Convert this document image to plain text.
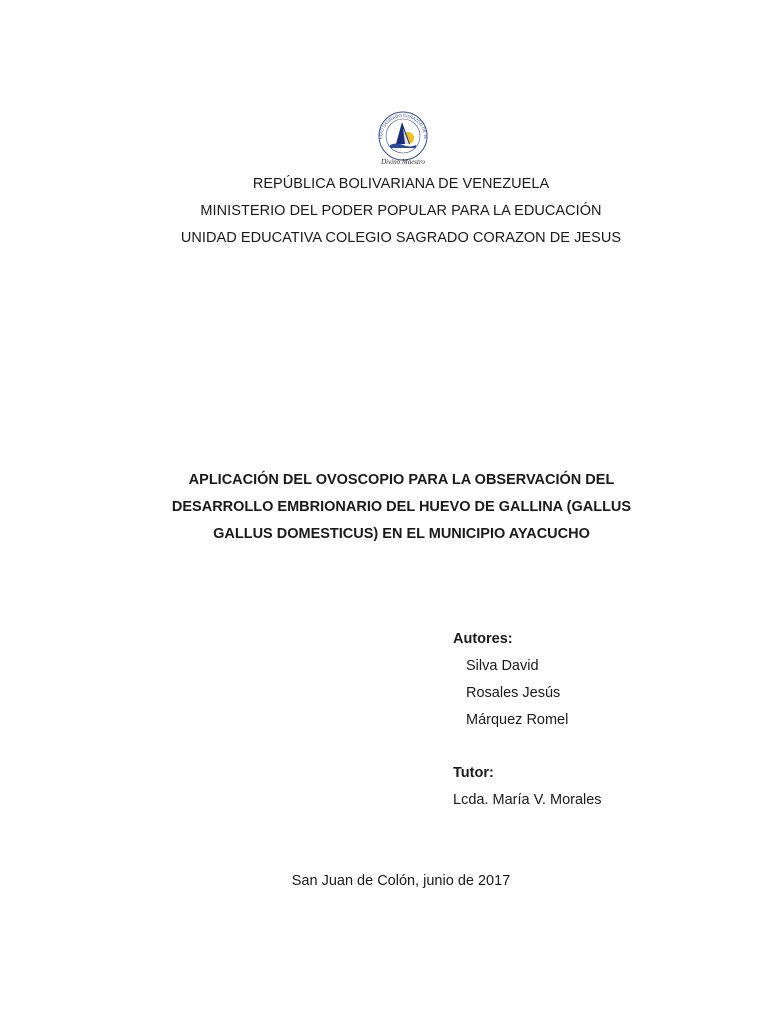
EGIO SAGRADO CORAZÓN DE JE
Divino Maestro
REPÚBLICA BOLIVARIANA DE VENEZUELA
MINISTERIO DEL PODER POPULAR PARA LA EDUCACIÓN
UNIDAD EDUCATIVA COLEGIO SAGRADO CORAZON DE JESUS
APLICACIÓN DEL OVOSCOPIO PARA LA OBSERVACIÓN DEL
DESARROLLO EMBRIONARIO DEL HUEVO DE GALLINA (GALLUS
GALLUS DOMESTICUS) EN EL MUNICIPIO AYACUCHO
Autores:
Silva David
Rosales Jesús
Márquez Romel
Tutor:
Lcda. María V. Morales
San Juan de Colón, junio de 2017
